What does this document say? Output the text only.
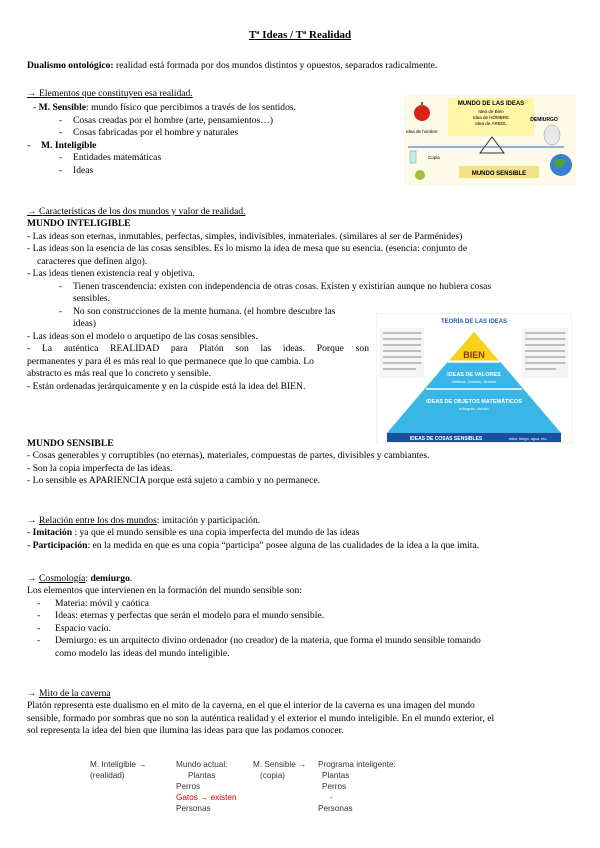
Tª Ideas / Tª Realidad
Dualismo ontológico: realidad está formada por dos mundos distintos y opuestos, separados radicalmente.

→ Elementos que constituyen esa realidad.

- M. Sensible: mundo físico que percibimos a través de los sentidos.

- Cosas creadas por el hombre (arte, pensamientos…)

- Cosas fabricadas por el hombre y naturales

- M. Inteligible

- Entidades matemáticas

- Ideas

MUNDO DE LAS IDEAS
Idea de Bien
Idea de HOMBRE
Idea de ÁRBOL
Idea de hombre
DEMIURGO
Copia
MUNDO SENSIBLE

→ Características de los dos mundos y valor de realidad.

MUNDO INTELIGIBLE

- Las ideas son eternas, inmutables, perfectas, simples, indivisibles, inmateriales. (similares al ser de Parménides)

- Las ideas son la esencia de las cosas sensibles. Es lo mismo la idea de mesa que su esencia. (esencia: conjunto de

caracteres que definen algo).

- Las ideas tienen existencia real y objetiva.

- Tienen trascendencia: existen con independencia de otras cosas. Existen y existirían aunque no hubiera cosas

sensibles.

- No son construcciones de la mente humana. (el hombre descubre las

ideas)

- Las ideas son el modelo o arquetipo de las cosas sensibles.

- La auténtica REALIDAD para Platón son las ideas. Porque son

permanentes y para él es más real lo que permanece que lo que cambia. Lo

abstracto es más real que lo concreto y sensible.

- Están ordenadas jerárquicamente y en la cúspide está la idea del BIEN.

TEORÍA DE LAS IDEAS
BIEN
IDEAS DE VALORES
Belleza, Justicia, Verdad
IDEAS DE OBJETOS MATEMÁTICOS
triángulo, círculo
IDEAS DE COSAS SENSIBLES	árbol, fuego, agua, etc.

MUNDO SENSIBLE

- Cosas generables y corruptibles (no eternas), materiales, compuestas de partes, divisibles y cambiantes.

- Son la copia imperfecta de las ideas.

- Lo sensible es APARIENCIA porque está sujeto a cambio y no permanece.

→ Relación entre los dos mundos: imitación y participación.

- Imitación : ya que el mundo sensible es una copia imperfecta del mundo de las ideas

- Participación: en la medida en que es una copia “participa” posee alguna de las cualidades de la idea a la que imita.

→ Cosmología: demiurgo.

Los elementos que intervienen en la formación del mundo sensible son:

- Materia: móvil y caótica

- Ideas: eternas y perfectas que serán el modelo para el mundo sensible.

- Espacio vacío.

- Demiurgo: es un arquitecto divino ordenador (no creador) de la materia, que forma el mundo sensible tomando

como modelo las ideas del mundo inteligible.

→ Mito de la caverna

Platón representa este dualismo en el mito de la caverna, en el que el interior de la caverna es una imagen del mundo

sensible, formado por sombras que no son la auténtica realidad y el exterior el mundo inteligible. En el mundo exterior, el

sol representa la idea del bien que ilumina las ideas para que las podamos conocer.

M. Inteligible →
(realidad)
Mundo actual:
Plantas
Perros
Gatos → existen
Personas
M. Sensible →
(copia)
Programa inteligente:
Plantas
Perros
-
Personas
